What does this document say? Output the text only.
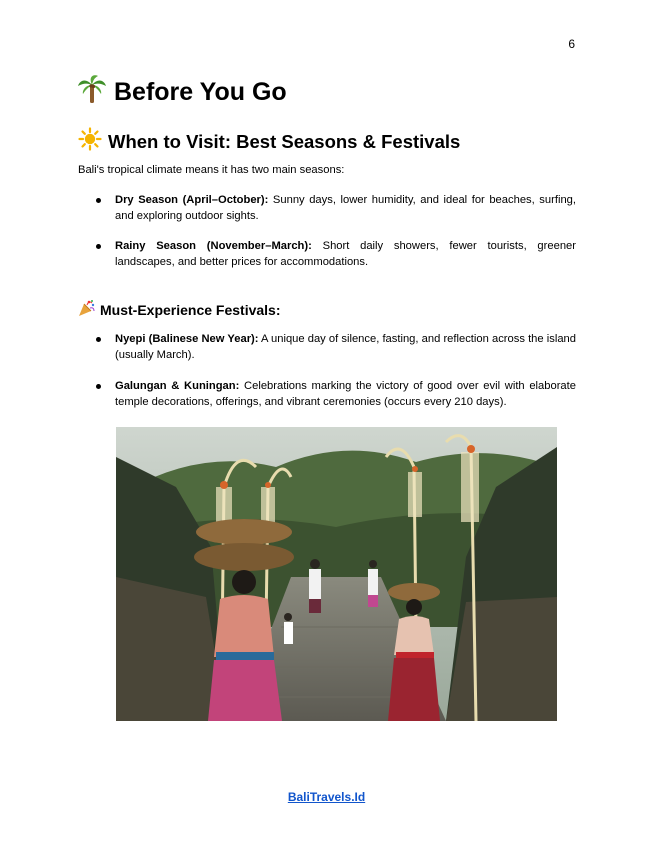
6
Before You Go
When to Visit: Best Seasons & Festivals
Bali's tropical climate means it has two main seasons:
Dry Season (April–October): Sunny days, lower humidity, and ideal for beaches, surfing, and exploring outdoor sights.
Rainy Season (November–March): Short daily showers, fewer tourists, greener landscapes, and better prices for accommodations.
Must-Experience Festivals:
Nyepi (Balinese New Year): A unique day of silence, fasting, and reflection across the island (usually March).
Galungan & Kuningan: Celebrations marking the victory of good over evil with elaborate temple decorations, offerings, and vibrant ceremonies (occurs every 210 days).
BaliTravels.Id
